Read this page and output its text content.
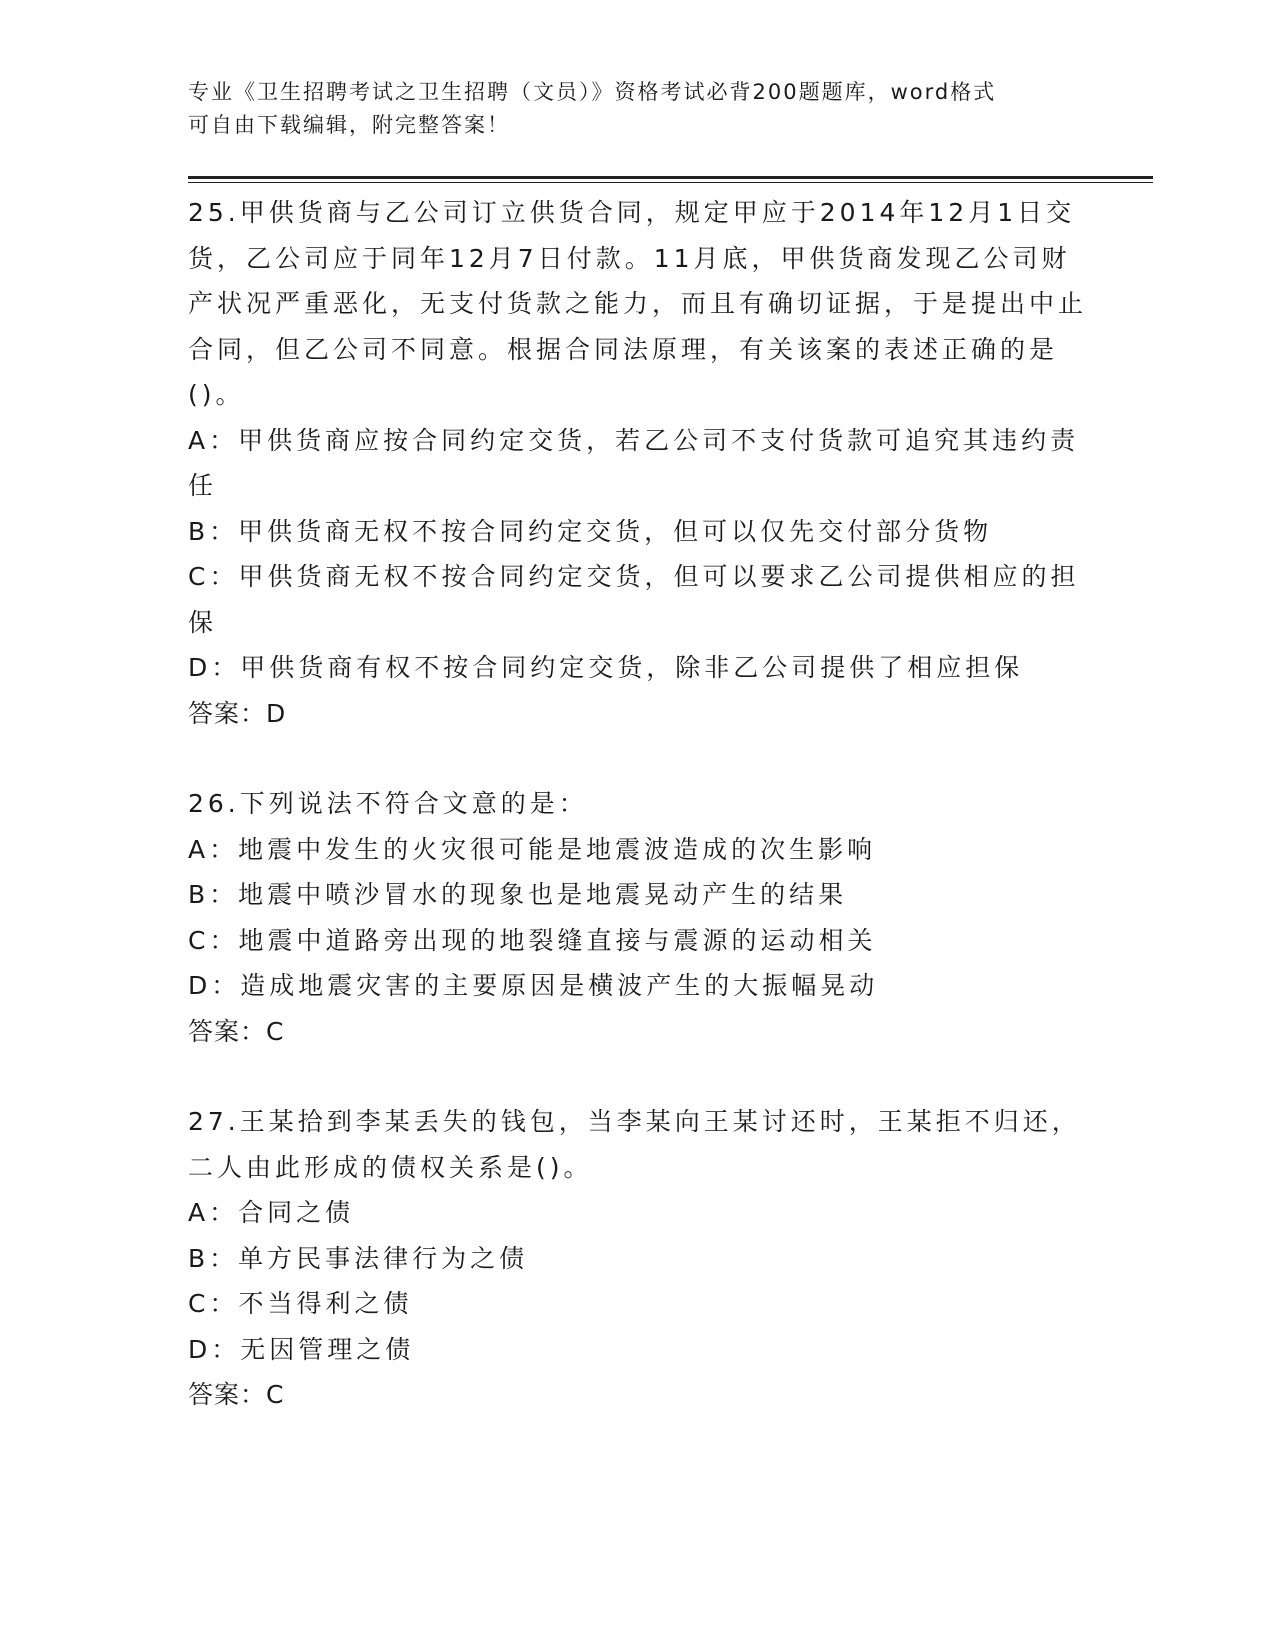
专业《卫生招聘考试之卫生招聘（文员）》资格考试必背200题题库，word格式
可自由下载编辑，附完整答案！

25.甲供货商与乙公司订立供货合同，规定甲应于2014年12月1日交货，乙公司应于同年12月7日付款。11月底，甲供货商发现乙公司财产状况严重恶化，无支付货款之能力，而且有确切证据，于是提出中止合同，但乙公司不同意。根据合同法原理，有关该案的表述正确的是()。

A：甲供货商应按合同约定交货，若乙公司不支付货款可追究其违约责任

B：甲供货商无权不按合同约定交货，但可以仅先交付部分货物

C：甲供货商无权不按合同约定交货，但可以要求乙公司提供相应的担保

D：甲供货商有权不按合同约定交货，除非乙公司提供了相应担保

答案：D

26.下列说法不符合文意的是：

A：地震中发生的火灾很可能是地震波造成的次生影响

B：地震中喷沙冒水的现象也是地震晃动产生的结果

C：地震中道路旁出现的地裂缝直接与震源的运动相关

D：造成地震灾害的主要原因是横波产生的大振幅晃动

答案：C

27.王某拾到李某丢失的钱包，当李某向王某讨还时，王某拒不归还，二人由此形成的债权关系是()。

A：合同之债

B：单方民事法律行为之债

C：不当得利之债

D：无因管理之债

答案：C
